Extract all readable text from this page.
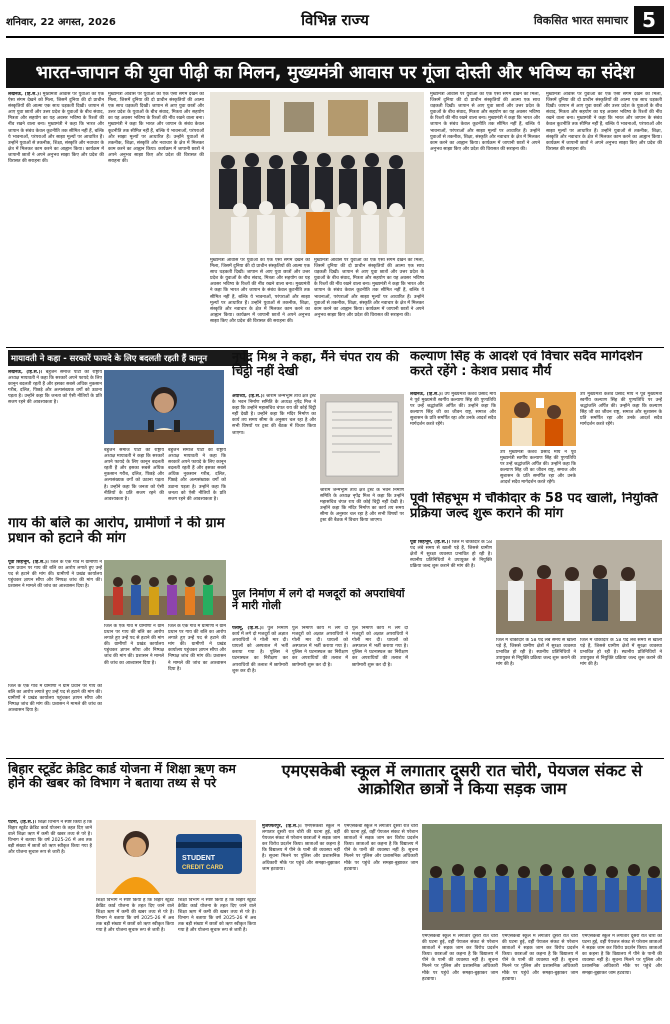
शनिवार, 22 अगस्त, 2026	विभिन्न राज्य	विकसित भारत समाचार 5
भारत-जापान की युवा पीढ़ी का मिलन, मुख्यमंत्री आवास पर गूंजा दोस्ती और भविष्य का संदेश
लखनऊ, (हि.स.)। मुख्यमंत्री आवास पर युवाओं का एक ऐसा संगम देखने को मिला, जिसमें दुनिया की दो प्राचीन संस्कृतियों की आत्मा एक साथ धड़कती दिखी। जापान से आए युवा छात्रों और उत्तर प्रदेश के युवाओं के बीच संवाद, मित्रता और सहयोग का यह अवसर भविष्य के रिश्तों की नींव रखने वाला बना। मुख्यमंत्री ने कहा कि भारत और जापान के संबंध केवल कूटनीति तक सीमित नहीं हैं, बल्कि ये भावनाओं, परंपराओं और साझा मूल्यों पर आधारित हैं। उन्होंने युवाओं से तकनीक, शिक्षा, संस्कृति और नवाचार के क्षेत्र में मिलकर काम करने का आह्वान किया। कार्यक्रम में जापानी छात्रों ने अपने अनुभव साझा किए और प्रदेश की विरासत की सराहना की।
मुख्यमंत्री आवास पर युवाओं का एक ऐसा संगम देखने को मिला, जिसमें दुनिया की दो प्राचीन संस्कृतियों की आत्मा एक साथ धड़कती दिखी। जापान से आए युवा छात्रों और उत्तर प्रदेश के युवाओं के बीच संवाद, मित्रता और सहयोग का यह अवसर भविष्य के रिश्तों की नींव रखने वाला बना। मुख्यमंत्री ने कहा कि भारत और जापान के संबंध केवल कूटनीति तक सीमित नहीं हैं, बल्कि ये भावनाओं, परंपराओं और साझा मूल्यों पर आधारित हैं। उन्होंने युवाओं से तकनीक, शिक्षा, संस्कृति और नवाचार के क्षेत्र में मिलकर काम करने का आह्वान किया। कार्यक्रम में जापानी छात्रों ने अपने अनुभव साझा किए और प्रदेश की विरासत की सराहना की।
मुख्यमंत्री आवास पर युवाओं का एक ऐसा संगम देखने को मिला, जिसमें दुनिया की दो प्राचीन संस्कृतियों की आत्मा एक साथ धड़कती दिखी। जापान से आए युवा छात्रों और उत्तर प्रदेश के युवाओं के बीच संवाद, मित्रता और सहयोग का यह अवसर भविष्य के रिश्तों की नींव रखने वाला बना। मुख्यमंत्री ने कहा कि भारत और जापान के संबंध केवल कूटनीति तक सीमित नहीं हैं, बल्कि ये भावनाओं, परंपराओं और साझा मूल्यों पर आधारित हैं। उन्होंने युवाओं से तकनीक, शिक्षा, संस्कृति और नवाचार के क्षेत्र में मिलकर काम करने का आह्वान किया। कार्यक्रम में जापानी छात्रों ने अपने अनुभव साझा किए और प्रदेश की विरासत की सराहना की।
मुख्यमंत्री आवास पर युवाओं का एक ऐसा संगम देखने को मिला, जिसमें दुनिया की दो प्राचीन संस्कृतियों की आत्मा एक साथ धड़कती दिखी। जापान से आए युवा छात्रों और उत्तर प्रदेश के युवाओं के बीच संवाद, मित्रता और सहयोग का यह अवसर भविष्य के रिश्तों की नींव रखने वाला बना। मुख्यमंत्री ने कहा कि भारत और जापान के संबंध केवल कूटनीति तक सीमित नहीं हैं, बल्कि ये भावनाओं, परंपराओं और साझा मूल्यों पर आधारित हैं। उन्होंने युवाओं से तकनीक, शिक्षा, संस्कृति और नवाचार के क्षेत्र में मिलकर काम करने का आह्वान किया। कार्यक्रम में जापानी छात्रों ने अपने अनुभव साझा किए और प्रदेश की विरासत की सराहना की।
मुख्यमंत्री आवास पर युवाओं का एक ऐसा संगम देखने को मिला, जिसमें दुनिया की दो प्राचीन संस्कृतियों की आत्मा एक साथ धड़कती दिखी। जापान से आए युवा छात्रों और उत्तर प्रदेश के युवाओं के बीच संवाद, मित्रता और सहयोग का यह अवसर भविष्य के रिश्तों की नींव रखने वाला बना। मुख्यमंत्री ने कहा कि भारत और जापान के संबंध केवल कूटनीति तक सीमित नहीं हैं, बल्कि ये भावनाओं, परंपराओं और साझा मूल्यों पर आधारित हैं। उन्होंने युवाओं से तकनीक, शिक्षा, संस्कृति और नवाचार के क्षेत्र में मिलकर काम करने का आह्वान किया। कार्यक्रम में जापानी छात्रों ने अपने अनुभव साझा किए और प्रदेश की विरासत की सराहना की।
मुख्यमंत्री आवास पर युवाओं का एक ऐसा संगम देखने को मिला, जिसमें दुनिया की दो प्राचीन संस्कृतियों की आत्मा एक साथ धड़कती दिखी। जापान से आए युवा छात्रों और उत्तर प्रदेश के युवाओं के बीच संवाद, मित्रता और सहयोग का यह अवसर भविष्य के रिश्तों की नींव रखने वाला बना। मुख्यमंत्री ने कहा कि भारत और जापान के संबंध केवल कूटनीति तक सीमित नहीं हैं, बल्कि ये भावनाओं, परंपराओं और साझा मूल्यों पर आधारित हैं। उन्होंने युवाओं से तकनीक, शिक्षा, संस्कृति और नवाचार के क्षेत्र में मिलकर काम करने का आह्वान किया। कार्यक्रम में जापानी छात्रों ने अपने अनुभव साझा किए और प्रदेश की विरासत की सराहना की।
मायावती ने कहा - सरकारें फायदे के लिए बदलती रहती हैं कानून
लखनऊ, (हि.स.)। बहुजन समाज पार्टी की राष्ट्रीय अध्यक्ष मायावती ने कहा कि सरकारें अपने फायदे के लिए कानून बदलती रहती हैं और इसका सबसे अधिक नुकसान गरीब, दलित, पिछड़े और अल्पसंख्यक वर्गों को उठाना पड़ता है। उन्होंने कहा कि जनता को ऐसी नीतियों के प्रति सजग रहने की आवश्यकता है।
बहुजन समाज पार्टी की राष्ट्रीय अध्यक्ष मायावती ने कहा कि सरकारें अपने फायदे के लिए कानून बदलती रहती हैं और इसका सबसे अधिक नुकसान गरीब, दलित, पिछड़े और अल्पसंख्यक वर्गों को उठाना पड़ता है। उन्होंने कहा कि जनता को ऐसी नीतियों के प्रति सजग रहने की आवश्यकता है।
बहुजन समाज पार्टी की राष्ट्रीय अध्यक्ष मायावती ने कहा कि सरकारें अपने फायदे के लिए कानून बदलती रहती हैं और इसका सबसे अधिक नुकसान गरीब, दलित, पिछड़े और अल्पसंख्यक वर्गों को उठाना पड़ता है। उन्होंने कहा कि जनता को ऐसी नीतियों के प्रति सजग रहने की आवश्यकता है।
गाय की बलि का आरोप, ग्रामीणों ने की ग्राम प्रधान को हटाने की मांग
पूर्वी सिंहभूम, (हि.स.)। जिले के एक गांव में ग्रामीणों ने ग्राम प्रधान पर गाय की बलि का आरोप लगाते हुए उन्हें पद से हटाने की मांग की। ग्रामीणों ने प्रखंड कार्यालय पहुंचकर ज्ञापन सौंपा और निष्पक्ष जांच की मांग की। प्रशासन ने मामले की जांच का आश्वासन दिया है।
जिले के एक गांव में ग्रामीणों ने ग्राम प्रधान पर गाय की बलि का आरोप लगाते हुए उन्हें पद से हटाने की मांग की। ग्रामीणों ने प्रखंड कार्यालय पहुंचकर ज्ञापन सौंपा और निष्पक्ष जांच की मांग की। प्रशासन ने मामले की जांच का आश्वासन दिया है।
जिले के एक गांव में ग्रामीणों ने ग्राम प्रधान पर गाय की बलि का आरोप लगाते हुए उन्हें पद से हटाने की मांग की। ग्रामीणों ने प्रखंड कार्यालय पहुंचकर ज्ञापन सौंपा और निष्पक्ष जांच की मांग की। प्रशासन ने मामले की जांच का आश्वासन दिया है।
जिले के एक गांव में ग्रामीणों ने ग्राम प्रधान पर गाय की बलि का आरोप लगाते हुए उन्हें पद से हटाने की मांग की। ग्रामीणों ने प्रखंड कार्यालय पहुंचकर ज्ञापन सौंपा और निष्पक्ष जांच की मांग की। प्रशासन ने मामले की जांच का आश्वासन दिया है।
नृपेंद्र मिश्र ने कहा, मैंने चंपत राय की चिट्ठी नहीं देखी
अयोध्या, (हि.स.)। श्रीराम जन्मभूमि तीर्थ क्षेत्र ट्रस्ट के भवन निर्माण समिति के अध्यक्ष नृपेंद्र मिश्र ने कहा कि उन्होंने महासचिव चंपत राय की कोई चिट्ठी नहीं देखी है। उन्होंने कहा कि मंदिर निर्माण का कार्य तय समय सीमा के अनुसार चल रहा है और सभी विषयों पर ट्रस्ट की बैठक में विचार किया जाएगा।
श्रीराम जन्मभूमि तीर्थ क्षेत्र ट्रस्ट के भवन निर्माण समिति के अध्यक्ष नृपेंद्र मिश्र ने कहा कि उन्होंने महासचिव चंपत राय की कोई चिट्ठी नहीं देखी है। उन्होंने कहा कि मंदिर निर्माण का कार्य तय समय सीमा के अनुसार चल रहा है और सभी विषयों पर ट्रस्ट की बैठक में विचार किया जाएगा।
पुल निर्माण में लगे दो मजदूरों को अपराधियों ने मारी गोली
पलामू, (हि.स.)। पुल निर्माण कार्य में लगे दो मजदूरों को अज्ञात अपराधियों ने गोली मार दी। घायलों को अस्पताल में भर्ती कराया गया है। पुलिस ने घटनास्थल का निरीक्षण कर अपराधियों की तलाश में छापेमारी शुरू कर दी है।
पुल निर्माण कार्य में लगे दो मजदूरों को अज्ञात अपराधियों ने गोली मार दी। घायलों को अस्पताल में भर्ती कराया गया है। पुलिस ने घटनास्थल का निरीक्षण कर अपराधियों की तलाश में छापेमारी शुरू कर दी है।
पुल निर्माण कार्य में लगे दो मजदूरों को अज्ञात अपराधियों ने गोली मार दी। घायलों को अस्पताल में भर्ती कराया गया है। पुलिस ने घटनास्थल का निरीक्षण कर अपराधियों की तलाश में छापेमारी शुरू कर दी है।
कल्याण सिंह के आदर्श एवं विचार सदैव मार्गदर्शन करते रहेंगे : केशव प्रसाद मौर्य
लखनऊ, (हि.स.)। उप मुख्यमंत्री केशव प्रसाद मौर्य ने पूर्व मुख्यमंत्री स्वर्गीय कल्याण सिंह की पुण्यतिथि पर उन्हें श्रद्धांजलि अर्पित की। उन्होंने कहा कि कल्याण सिंह जी का जीवन राष्ट्र, समाज और सुशासन के प्रति समर्पित रहा और उनके आदर्श सदैव मार्गदर्शन करते रहेंगे।
उप मुख्यमंत्री केशव प्रसाद मौर्य ने पूर्व मुख्यमंत्री स्वर्गीय कल्याण सिंह की पुण्यतिथि पर उन्हें श्रद्धांजलि अर्पित की। उन्होंने कहा कि कल्याण सिंह जी का जीवन राष्ट्र, समाज और सुशासन के प्रति समर्पित रहा और उनके आदर्श सदैव मार्गदर्शन करते रहेंगे।
उप मुख्यमंत्री केशव प्रसाद मौर्य ने पूर्व मुख्यमंत्री स्वर्गीय कल्याण सिंह की पुण्यतिथि पर उन्हें श्रद्धांजलि अर्पित की। उन्होंने कहा कि कल्याण सिंह जी का जीवन राष्ट्र, समाज और सुशासन के प्रति समर्पित रहा और उनके आदर्श सदैव मार्गदर्शन करते रहेंगे।
पूर्वी सिंहभूम में चौकीदार के 58 पद खाली, नियुक्ति प्रक्रिया जल्द शुरू कराने की मांग
पूर्वी सिंहभूम, (हि.स.)। जिले में चौकीदार के 58 पद लंबे समय से खाली पड़े हैं, जिससे ग्रामीण क्षेत्रों में सुरक्षा व्यवस्था प्रभावित हो रही है। स्थानीय प्रतिनिधियों ने उपायुक्त से नियुक्ति प्रक्रिया जल्द शुरू कराने की मांग की है।
जिले में चौकीदार के 58 पद लंबे समय से खाली पड़े हैं, जिससे ग्रामीण क्षेत्रों में सुरक्षा व्यवस्था प्रभावित हो रही है। स्थानीय प्रतिनिधियों ने उपायुक्त से नियुक्ति प्रक्रिया जल्द शुरू कराने की मांग की है।
जिले में चौकीदार के 58 पद लंबे समय से खाली पड़े हैं, जिससे ग्रामीण क्षेत्रों में सुरक्षा व्यवस्था प्रभावित हो रही है। स्थानीय प्रतिनिधियों ने उपायुक्त से नियुक्ति प्रक्रिया जल्द शुरू कराने की मांग की है।
बिहार स्टूडेंट क्रेडिट कार्ड योजना में शिक्षा ऋण कम होने की खबर को विभाग ने बताया तथ्य से परे
पटना, (हि.स.)। शिक्षा विभाग ने स्पष्ट किया है कि बिहार स्टूडेंट क्रेडिट कार्ड योजना के तहत दिए जाने वाले शिक्षा ऋण में कमी की खबर तथ्य से परे है। विभाग ने बताया कि वर्ष 2025-26 में अब तक बड़ी संख्या में छात्रों को ऋण स्वीकृत किया गया है और योजना सुचारु रूप से जारी है।
STUDENT
CREDIT CARD
शिक्षा विभाग ने स्पष्ट किया है कि बिहार स्टूडेंट क्रेडिट कार्ड योजना के तहत दिए जाने वाले शिक्षा ऋण में कमी की खबर तथ्य से परे है। विभाग ने बताया कि वर्ष 2025-26 में अब तक बड़ी संख्या में छात्रों को ऋण स्वीकृत किया गया है और योजना सुचारु रूप से जारी है।
शिक्षा विभाग ने स्पष्ट किया है कि बिहार स्टूडेंट क्रेडिट कार्ड योजना के तहत दिए जाने वाले शिक्षा ऋण में कमी की खबर तथ्य से परे है। विभाग ने बताया कि वर्ष 2025-26 में अब तक बड़ी संख्या में छात्रों को ऋण स्वीकृत किया गया है और योजना सुचारु रूप से जारी है।
एमएसकेबी स्कूल में लगातार दूसरी रात चोरी, पेयजल संकट से आक्रोशित छात्रों ने किया सड़क जाम
मुजफ्फरपुर, (हि.स.)। एमएसकेबी स्कूल में लगातार दूसरी रात चोरी की घटना हुई, वहीं पेयजल संकट से परेशान छात्राओं ने सड़क जाम कर विरोध प्रदर्शन किया। छात्राओं का कहना है कि विद्यालय में पीने के पानी की व्यवस्था नहीं है। सूचना मिलने पर पुलिस और प्रशासनिक अधिकारी मौके पर पहुंचे और समझा-बुझाकर जाम हटवाया।
एमएसकेबी स्कूल में लगातार दूसरी रात चोरी की घटना हुई, वहीं पेयजल संकट से परेशान छात्राओं ने सड़क जाम कर विरोध प्रदर्शन किया। छात्राओं का कहना है कि विद्यालय में पीने के पानी की व्यवस्था नहीं है। सूचना मिलने पर पुलिस और प्रशासनिक अधिकारी मौके पर पहुंचे और समझा-बुझाकर जाम हटवाया।
एमएसकेबी स्कूल में लगातार दूसरी रात चोरी की घटना हुई, वहीं पेयजल संकट से परेशान छात्राओं ने सड़क जाम कर विरोध प्रदर्शन किया। छात्राओं का कहना है कि विद्यालय में पीने के पानी की व्यवस्था नहीं है। सूचना मिलने पर पुलिस और प्रशासनिक अधिकारी मौके पर पहुंचे और समझा-बुझाकर जाम हटवाया।
एमएसकेबी स्कूल में लगातार दूसरी रात चोरी की घटना हुई, वहीं पेयजल संकट से परेशान छात्राओं ने सड़क जाम कर विरोध प्रदर्शन किया। छात्राओं का कहना है कि विद्यालय में पीने के पानी की व्यवस्था नहीं है। सूचना मिलने पर पुलिस और प्रशासनिक अधिकारी मौके पर पहुंचे और समझा-बुझाकर जाम हटवाया।
एमएसकेबी स्कूल में लगातार दूसरी रात चोरी की घटना हुई, वहीं पेयजल संकट से परेशान छात्राओं ने सड़क जाम कर विरोध प्रदर्शन किया। छात्राओं का कहना है कि विद्यालय में पीने के पानी की व्यवस्था नहीं है। सूचना मिलने पर पुलिस और प्रशासनिक अधिकारी मौके पर पहुंचे और समझा-बुझाकर जाम हटवाया।
